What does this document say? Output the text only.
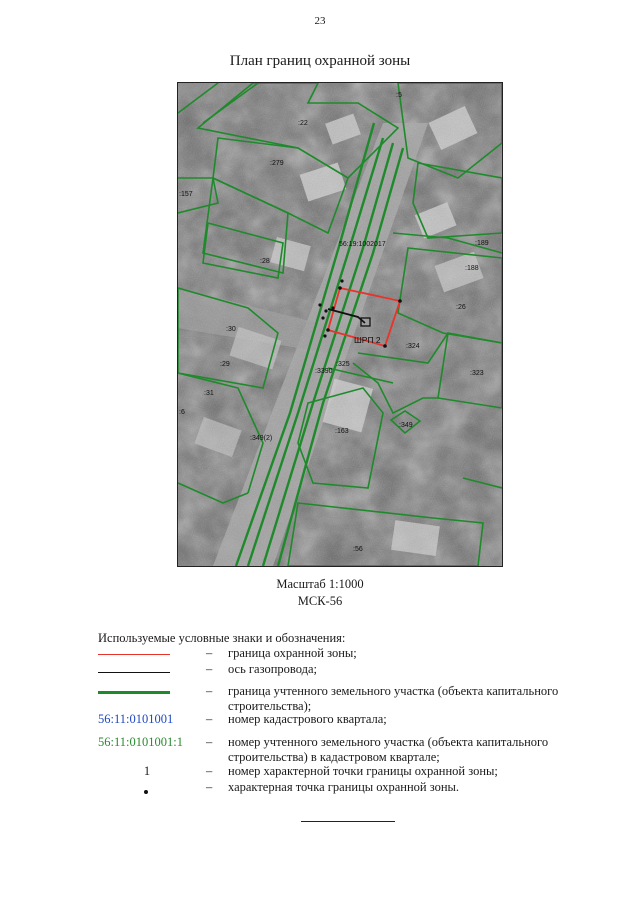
23
План границ охранной зоны
:5
:22
:279
:157
:28
56:19:1002017	:189
:188
:26
:30
:29
:324
:323
:325
:3390
:31
:6
:349(2)
:163
:349
:56
ШРП 2
Масштаб 1:1000
МСК-56
Используемые условные знаки и обозначения:
–	граница охранной зоны;
–	ось газопровода;
–	граница учтенного земельного участка (объекта капитального строительства);
56:11:0101001	–	номер кадастрового квартала;
56:11:0101001:1 –	номер учтенного земельного участка (объекта капитального строительства) в кадастровом квартале;
1	–	номер характерной точки границы охранной зоны;
–	характерная точка границы охранной зоны.
